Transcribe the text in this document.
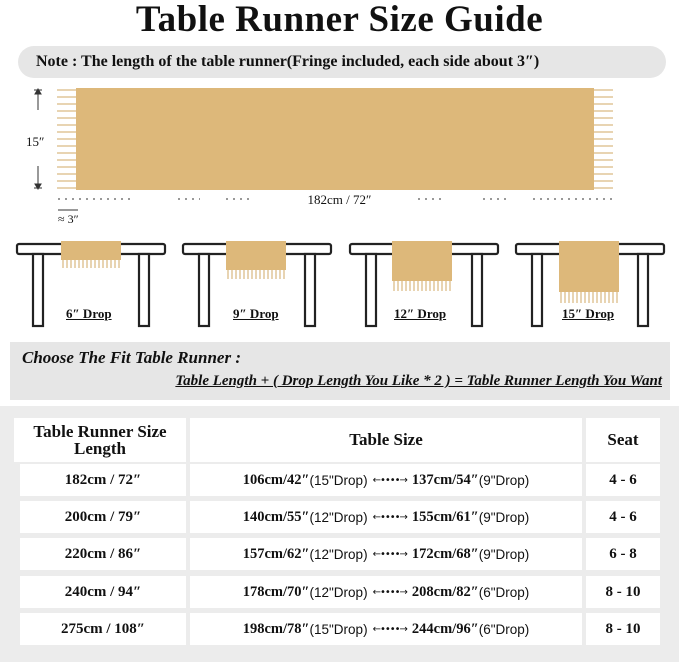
Table Runner Size Guide
Note : The length of the table runner(Fringe included, each side about 3″)
15″
182cm / 72″
≈ 3″
6″ Drop	9″ Drop	12″ Drop	15″ Drop
Choose The Fit Table Runner :
Table Length + ( Drop Length You Like * 2 ) = Table Runner Length You Want
Table Runner Size
Length	Table Size	Seat
182cm / 72″	106cm/42″ (15"Drop) ←••••→ 137cm/54″ (9"Drop)	4 - 6
200cm / 79″	140cm/55″ (12"Drop) ←••••→ 155cm/61″ (9"Drop)	4 - 6
220cm / 86″	157cm/62″ (12"Drop) ←••••→ 172cm/68″ (9"Drop)	6 - 8
240cm / 94″	178cm/70″ (12"Drop) ←••••→ 208cm/82″ (6"Drop)	8 - 10
275cm / 108″	198cm/78″ (15"Drop) ←••••→ 244cm/96″ (6"Drop)	8 - 10
